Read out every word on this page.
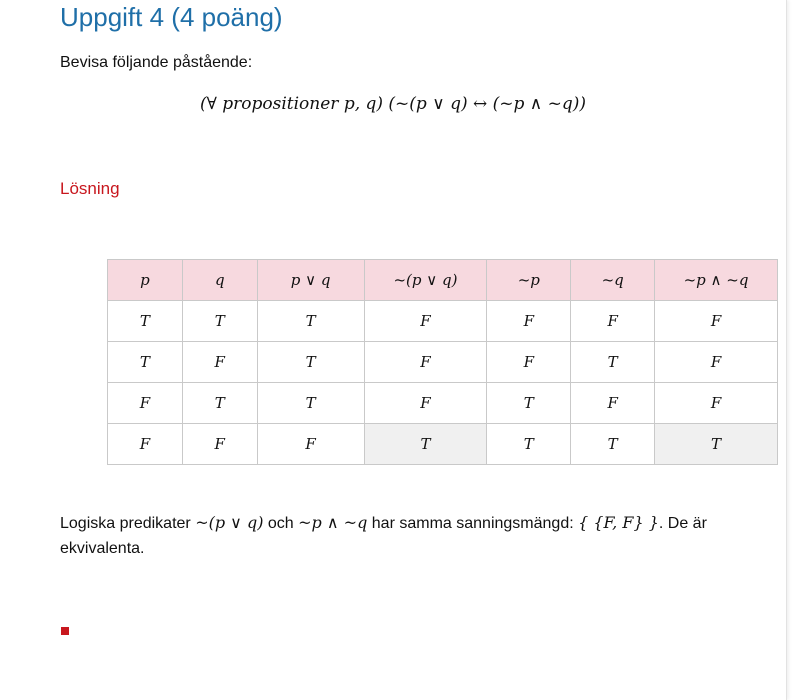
Uppgift 4 (4 poäng)
Bevisa följande påstående:
(∀ propositioner p, q) (~(p ∨ q) ↔ (~p ∧ ~q))
Lösning
p	q	p ∨ q	~(p ∨ q)	~p	~q	~p ∧ ~q
T	T	T	F	F	F	F
T	F	T	F	F	T	F
F	T	T	F	T	F	F
F	F	F	T	T	T	T

Logiska predikater ~(p ∨ q) och ~p ∧ ~q har samma sanningsmängd: { {F, F} }. De är ekvivalenta.
